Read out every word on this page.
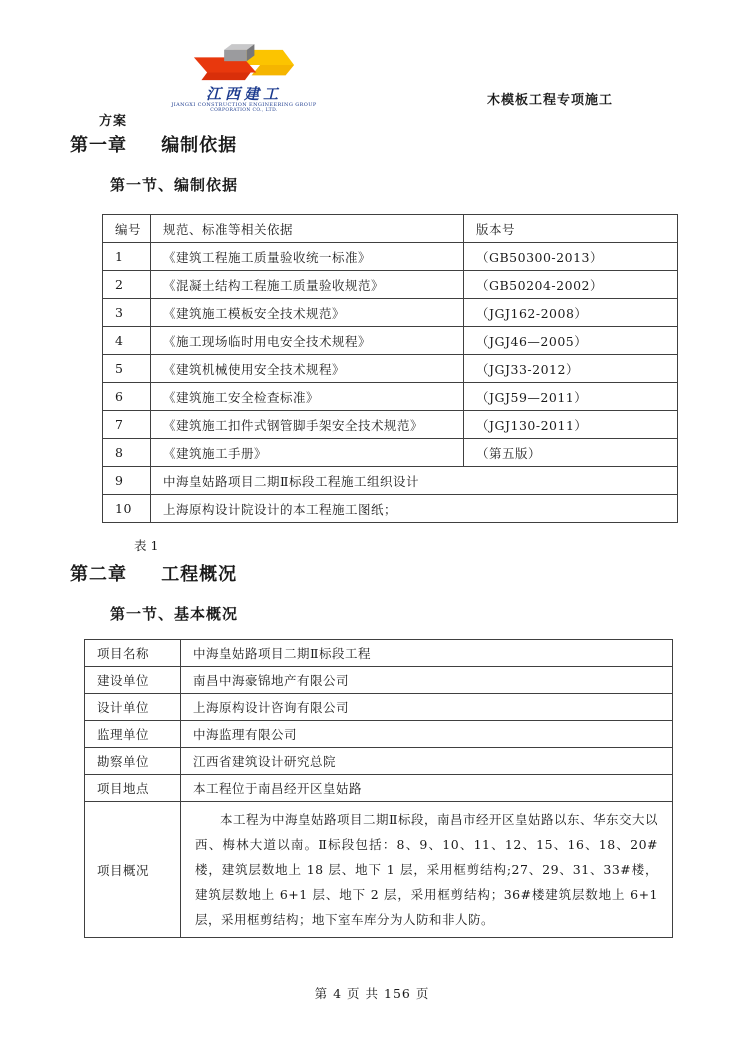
江西建工
JIANGXI CONSTRUCTION ENGINEERING GROUP
CORPORATION CO., LTD.
木模板工程专项施工
方案
第一章 编制依据
第一节、编制依据
编号	规范、标准等相关依据	版本号
1	《建筑工程施工质量验收统一标准》	（GB50300-2013）
2	《混凝土结构工程施工质量验收规范》	（GB50204-2002）
3	《建筑施工模板安全技术规范》	（JGJ162-2008）
4	《施工现场临时用电安全技术规程》	（JGJ46—2005）
5	《建筑机械使用安全技术规程》	（JGJ33-2012）
6	《建筑施工安全检查标准》	（JGJ59—2011）
7	《建筑施工扣件式钢管脚手架安全技术规范》	（JGJ130-2011）
8	《建筑施工手册》	（第五版）
9	中海皇姑路项目二期Ⅱ标段工程施工组织设计	
10	上海原构设计院设计的本工程施工图纸；	
表 1
第二章 工程概况
第一节、基本概况
项目名称	中海皇姑路项目二期Ⅱ标段工程
建设单位	南昌中海豪锦地产有限公司
设计单位	上海原构设计咨询有限公司
监理单位	中海监理有限公司
勘察单位	江西省建筑设计研究总院
项目地点	本工程位于南昌经开区皇姑路
项目概况	本工程为中海皇姑路项目二期Ⅱ标段，南昌市经开区皇姑路以东、华东交大以西、梅林大道以南。Ⅱ标段包括：8、9、10、11、12、15、16、18、20#楼，建筑层数地上 18 层、地下 1 层，采用框剪结构;27、29、31、33#楼，建筑层数地上 6+1 层、地下 2 层，采用框剪结构；36#楼建筑层数地上 6+1 层，采用框剪结构；地下室车库分为人防和非人防。
第 4 页 共 156 页
